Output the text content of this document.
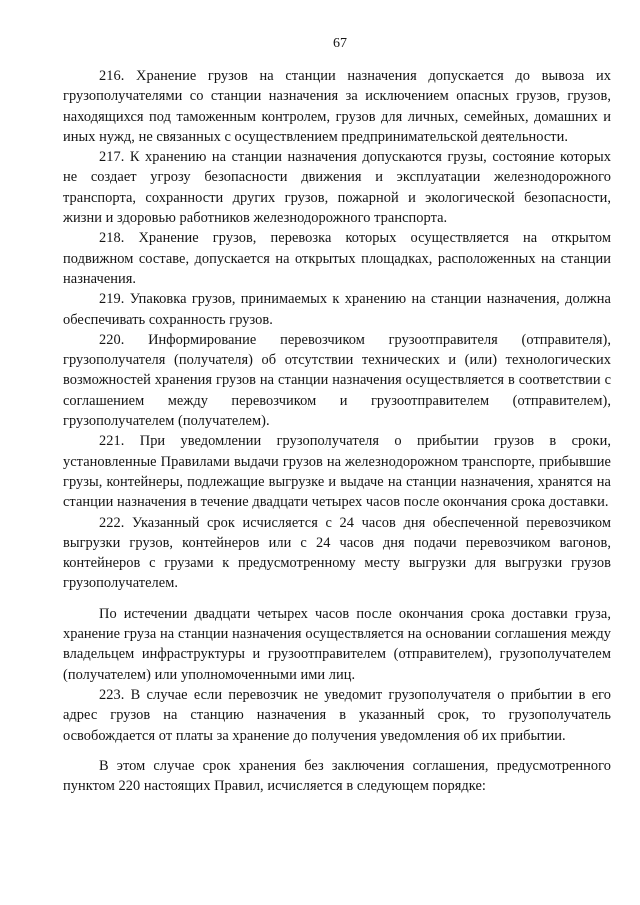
67

216. Хранение грузов на станции назначения допускается до вывоза их грузополучателями со станции назначения за исключением опасных грузов, грузов, находящихся под таможенным контролем, грузов для личных, семейных, домашних и иных нужд, не связанных с осуществлением предпринимательской деятельности.

217. К хранению на станции назначения допускаются грузы, состояние которых не создает угрозу безопасности движения и эксплуатации железнодорожного транспорта, сохранности других грузов, пожарной и экологической безопасности, жизни и здоровью работников железнодорожного транспорта.

218. Хранение грузов, перевозка которых осуществляется на открытом подвижном составе, допускается на открытых площадках, расположенных на станции назначения.

219. Упаковка грузов, принимаемых к хранению на станции назначения, должна обеспечивать сохранность грузов.

220. Информирование перевозчиком грузоотправителя (отправителя), грузополучателя (получателя) об отсутствии технических и (или) технологических возможностей хранения грузов на станции назначения осуществляется в соответствии с соглашением между перевозчиком и грузоотправителем (отправителем), грузополучателем (получателем).

221. При уведомлении грузополучателя о прибытии грузов в сроки, установленные Правилами выдачи грузов на железнодорожном транспорте, прибывшие грузы, контейнеры, подлежащие выгрузке и выдаче на станции назначения, хранятся на станции назначения в течение двадцати четырех часов после окончания срока доставки.

222. Указанный срок исчисляется с 24 часов дня обеспеченной перевозчиком выгрузки грузов, контейнеров или с 24 часов дня подачи перевозчиком вагонов, контейнеров с грузами к предусмотренному месту выгрузки для выгрузки грузов грузополучателем.

По истечении двадцати четырех часов после окончания срока доставки груза, хранение груза на станции назначения осуществляется на основании соглашения между владельцем инфраструктуры и грузоотправителем (отправителем), грузополучателем (получателем) или уполномоченными ими лиц.

223. В случае если перевозчик не уведомит грузополучателя о прибытии в его адрес грузов на станцию назначения в указанный срок, то грузополучатель освобождается от платы за хранение до получения уведомления об их прибытии.

В этом случае срок хранения без заключения соглашения, предусмотренного пунктом 220 настоящих Правил, исчисляется в следующем порядке:
